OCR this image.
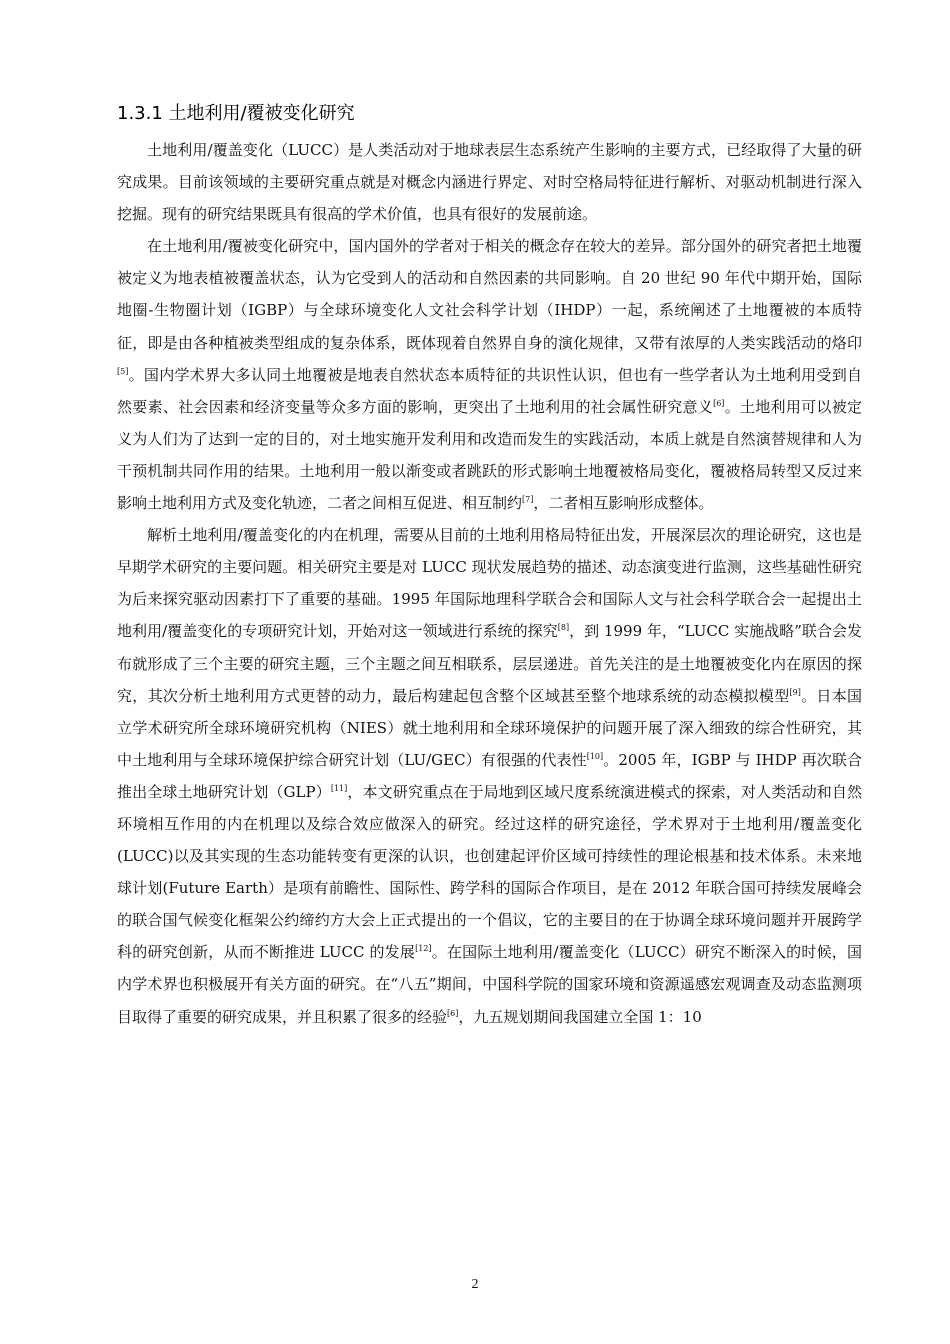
1.3.1 土地利用/覆被变化研究

土地利用/覆盖变化（LUCC）是人类活动对于地球表层生态系统产生影响的主要方式，已经取得了大量的研究成果。目前该领域的主要研究重点就是对概念内涵进行界定、对时空格局特征进行解析、对驱动机制进行深入挖掘。现有的研究结果既具有很高的学术价值，也具有很好的发展前途。

在土地利用/覆被变化研究中，国内国外的学者对于相关的概念存在较大的差异。部分国外的研究者把土地覆被定义为地表植被覆盖状态，认为它受到人的活动和自然因素的共同影响。自 20 世纪 90 年代中期开始，国际地圈-生物圈计划（IGBP）与全球环境变化人文社会科学计划（IHDP）一起，系统阐述了土地覆被的本质特征，即是由各种植被类型组成的复杂体系，既体现着自然界自身的演化规律，又带有浓厚的人类实践活动的烙印[5]。国内学术界大多认同土地覆被是地表自然状态本质特征的共识性认识，但也有一些学者认为土地利用受到自然要素、社会因素和经济变量等众多方面的影响，更突出了土地利用的社会属性研究意义[6]。土地利用可以被定义为人们为了达到一定的目的，对土地实施开发利用和改造而发生的实践活动，本质上就是自然演替规律和人为干预机制共同作用的结果。土地利用一般以渐变或者跳跃的形式影响土地覆被格局变化，覆被格局转型又反过来影响土地利用方式及变化轨迹，二者之间相互促进、相互制约[7]，二者相互影响形成整体。

解析土地利用/覆盖变化的内在机理，需要从目前的土地利用格局特征出发，开展深层次的理论研究，这也是早期学术研究的主要问题。相关研究主要是对 LUCC 现状发展趋势的描述、动态演变进行监测，这些基础性研究为后来探究驱动因素打下了重要的基础。1995 年国际地理科学联合会和国际人文与社会科学联合会一起提出土地利用/覆盖变化的专项研究计划，开始对这一领域进行系统的探究[8]，到 1999 年，“LUCC 实施战略”联合会发布就形成了三个主要的研究主题，三个主题之间互相联系，层层递进。首先关注的是土地覆被变化内在原因的探究，其次分析土地利用方式更替的动力，最后构建起包含整个区域甚至整个地球系统的动态模拟模型[9]。日本国立学术研究所全球环境研究机构（NIES）就土地利用和全球环境保护的问题开展了深入细致的综合性研究，其中土地利用与全球环境保护综合研究计划（LU/GEC）有很强的代表性[10]。2005 年，IGBP 与 IHDP 再次联合推出全球土地研究计划（GLP）[11]，本文研究重点在于局地到区域尺度系统演进模式的探索，对人类活动和自然环境相互作用的内在机理以及综合效应做深入的研究。经过这样的研究途径，学术界对于土地利用/覆盖变化(LUCC)以及其实现的生态功能转变有更深的认识，也创建起评价区域可持续性的理论根基和技术体系。未来地球计划(Future Earth）是项有前瞻性、国际性、跨学科的国际合作项目，是在 2012 年联合国可持续发展峰会的联合国气候变化框架公约缔约方大会上正式提出的一个倡议，它的主要目的在于协调全球环境问题并开展跨学科的研究创新，从而不断推进 LUCC 的发展[12]。在国际土地利用/覆盖变化（LUCC）研究不断深入的时候，国内学术界也积极展开有关方面的研究。在“八五”期间，中国科学院的国家环境和资源遥感宏观调查及动态监测项目取得了重要的研究成果，并且积累了很多的经验[6]，九五规划期间我国建立全国 1：10

2
